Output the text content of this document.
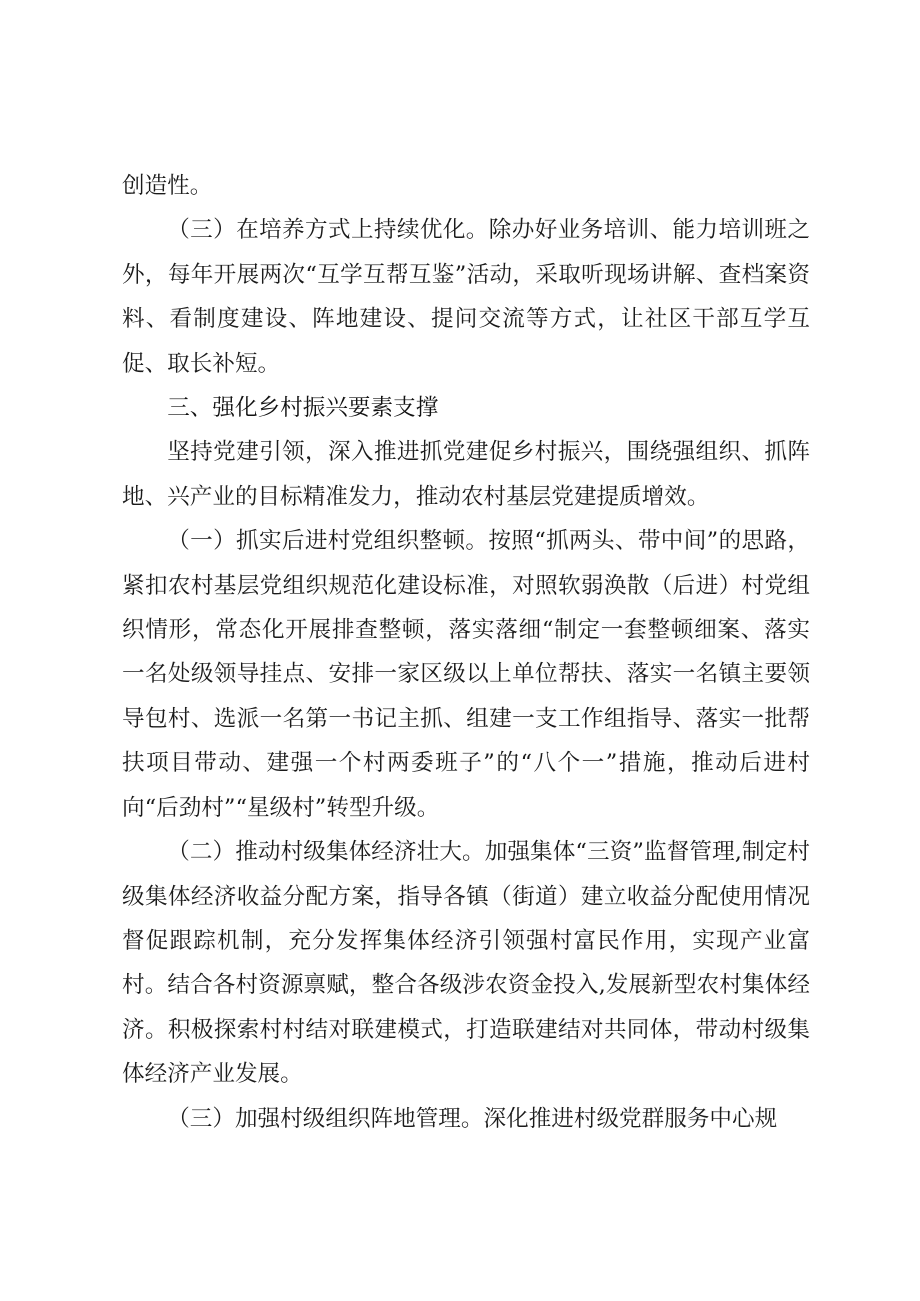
创造性。

（三）在培养方式上持续优化。除办好业务培训、能力培训班之外，每年开展两次“互学互帮互鉴”活动，采取听现场讲解、查档案资料、看制度建设、阵地建设、提问交流等方式，让社区干部互学互促、取长补短。

三、强化乡村振兴要素支撑

坚持党建引领，深入推进抓党建促乡村振兴，围绕强组织、抓阵地、兴产业的目标精准发力，推动农村基层党建提质增效。

（一）抓实后进村党组织整顿。按照“抓两头、带中间”的思路，紧扣农村基层党组织规范化建设标准，对照软弱涣散（后进）村党组织情形，常态化开展排查整顿，落实落细“制定一套整顿细案、落实一名处级领导挂点、安排一家区级以上单位帮扶、落实一名镇主要领导包村、选派一名第一书记主抓、组建一支工作组指导、落实一批帮扶项目带动、建强一个村两委班子”的“八个一”措施，推动后进村向“后劲村”“星级村”转型升级。

（二）推动村级集体经济壮大。加强集体“三资”监督管理,制定村级集体经济收益分配方案，指导各镇（街道）建立收益分配使用情况督促跟踪机制，充分发挥集体经济引领强村富民作用，实现产业富村。结合各村资源禀赋，整合各级涉农资金投入,发展新型农村集体经济。积极探索村村结对联建模式，打造联建结对共同体，带动村级集体经济产业发展。

（三）加强村级组织阵地管理。深化推进村级党群服务中心规
